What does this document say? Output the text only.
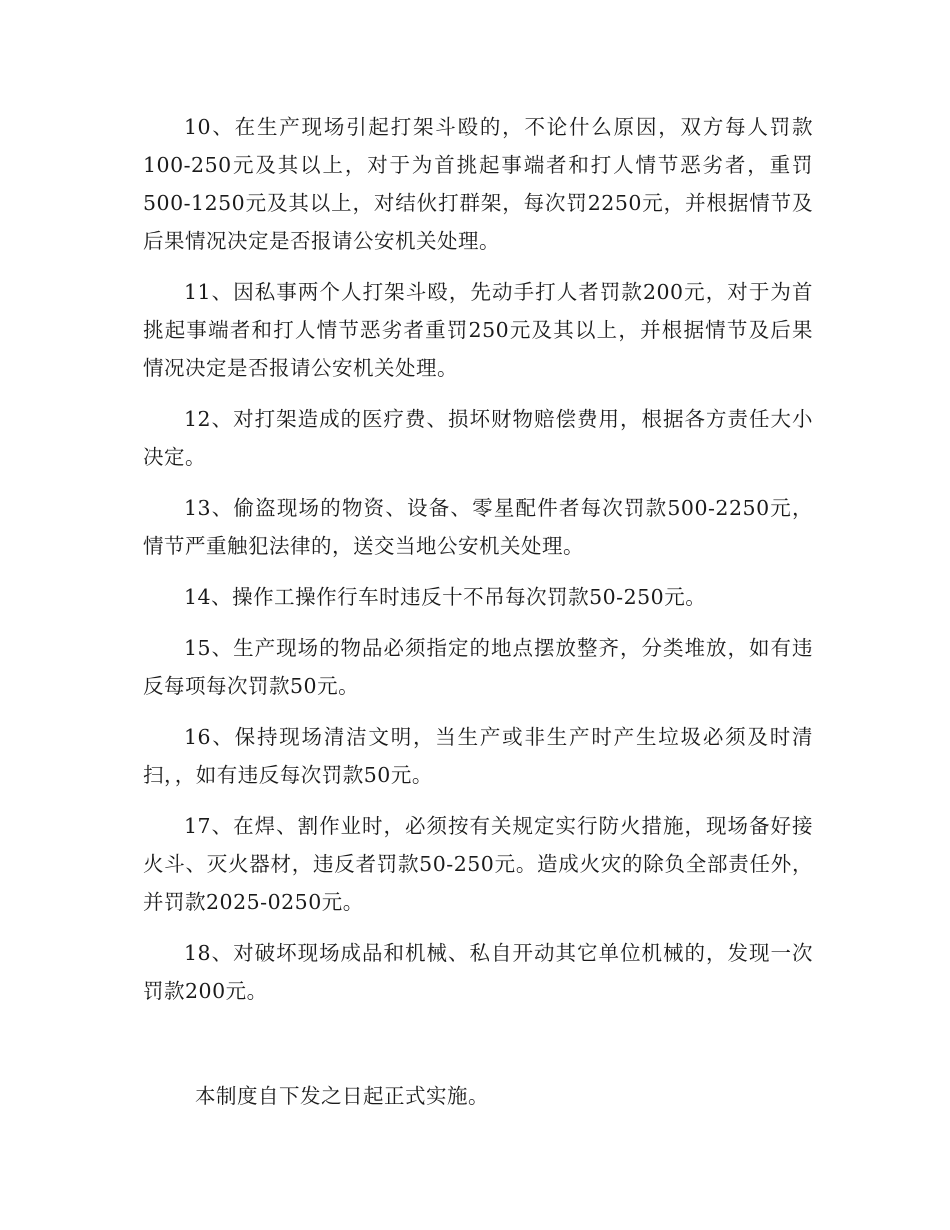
10、在生产现场引起打架斗殴的，不论什么原因，双方每人罚款100-250元及其以上，对于为首挑起事端者和打人情节恶劣者，重罚500-1250元及其以上，对结伙打群架，每次罚2250元，并根据情节及后果情况决定是否报请公安机关处理。

11、因私事两个人打架斗殴，先动手打人者罚款200元，对于为首挑起事端者和打人情节恶劣者重罚250元及其以上，并根据情节及后果情况决定是否报请公安机关处理。

12、对打架造成的医疗费、损坏财物赔偿费用，根据各方责任大小决定。

13、偷盗现场的物资、设备、零星配件者每次罚款500-2250元，情节严重触犯法律的，送交当地公安机关处理。

14、操作工操作行车时违反十不吊每次罚款50-250元。

15、生产现场的物品必须指定的地点摆放整齐，分类堆放，如有违反每项每次罚款50元。

16、保持现场清洁文明，当生产或非生产时产生垃圾必须及时清扫，，如有违反每次罚款50元。

17、在焊、割作业时，必须按有关规定实行防火措施，现场备好接火斗、灭火器材，违反者罚款50-250元。造成火灾的除负全部责任外，并罚款2025-0250元。

18、对破坏现场成品和机械、私自开动其它单位机械的，发现一次罚款200元。

本制度自下发之日起正式实施。
